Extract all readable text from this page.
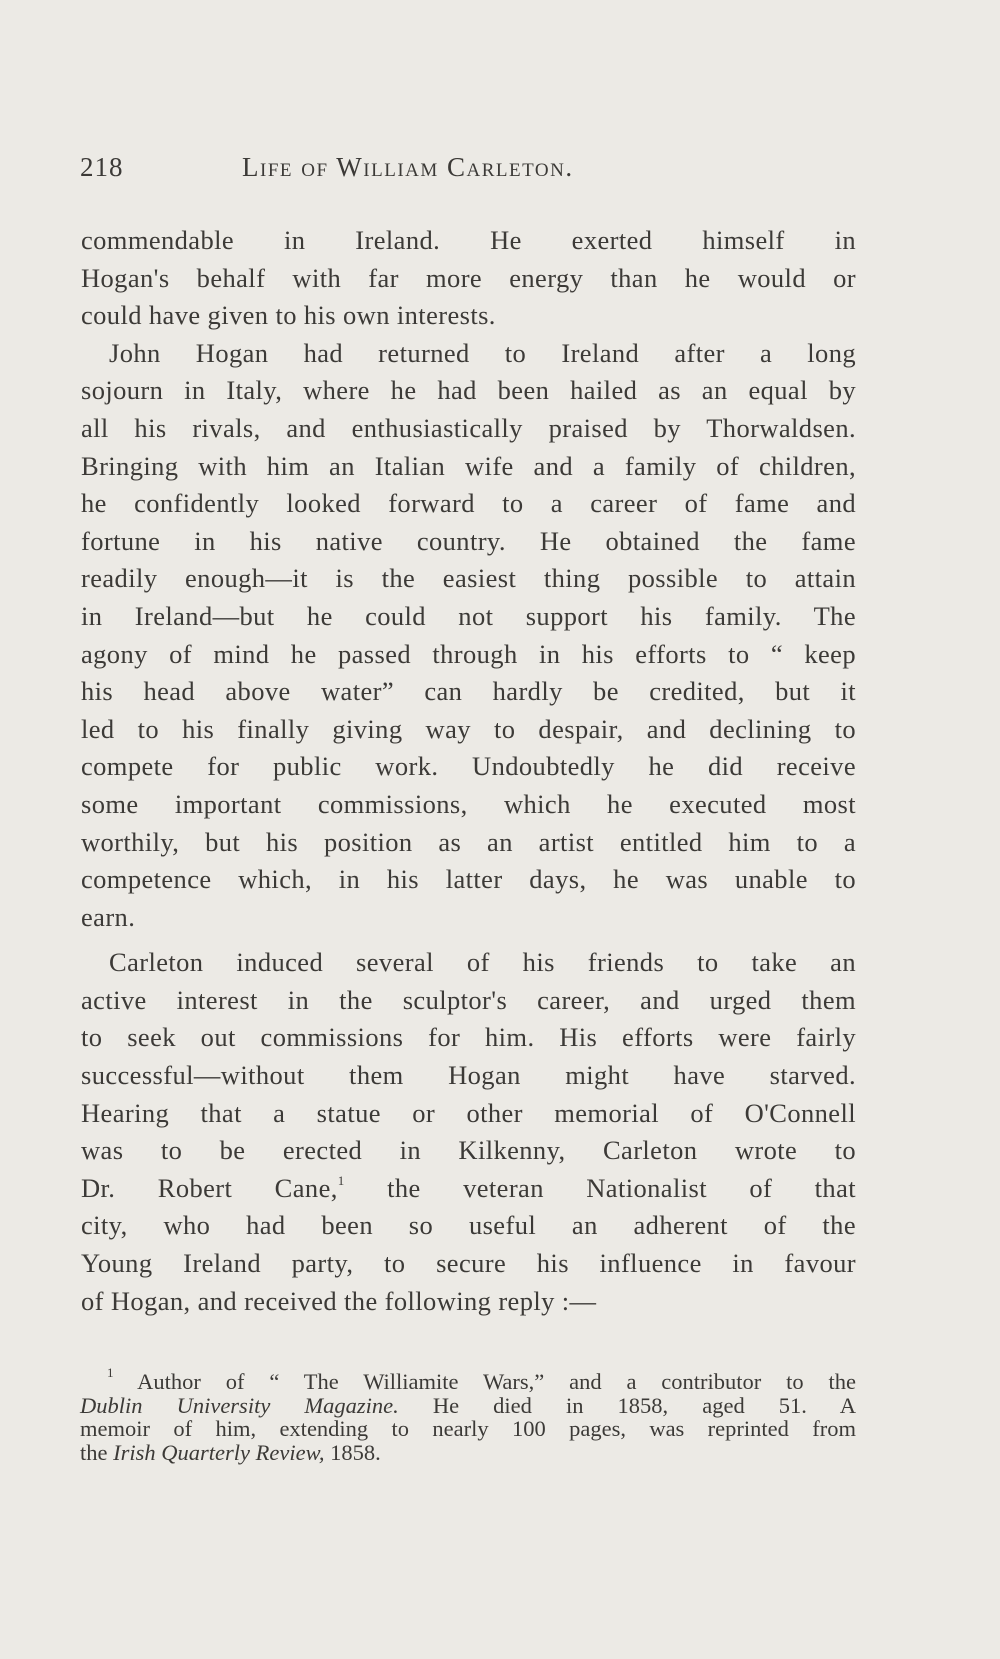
218	Life of William Carleton.

commendable in Ireland. He exerted himself in

Hogan's behalf with far more energy than he would or

could have given to his own interests.

John Hogan had returned to Ireland after a long

sojourn in Italy, where he had been hailed as an equal by

all his rivals, and enthusiastically praised by Thorwaldsen.

Bringing with him an Italian wife and a family of children,

he confidently looked forward to a career of fame and

fortune in his native country. He obtained the fame

readily enough—it is the easiest thing possible to attain

in Ireland—but he could not support his family. The

agony of mind he passed through in his efforts to “ keep

his head above water” can hardly be credited, but it

led to his finally giving way to despair, and declining to

compete for public work. Undoubtedly he did receive

some important commissions, which he executed most

worthily, but his position as an artist entitled him to a

competence which, in his latter days, he was unable to

earn.

Carleton induced several of his friends to take an

active interest in the sculptor's career, and urged them

to seek out commissions for him. His efforts were fairly

successful—without them Hogan might have starved.

Hearing that a statue or other memorial of O'Connell

was to be erected in Kilkenny, Carleton wrote to

Dr. Robert Cane,$^1$ the veteran Nationalist of that

city, who had been so useful an adherent of the

Young Ireland party, to secure his influence in favour

of Hogan, and received the following reply :—

$^1$ Author of “ The Williamite Wars,” and a contributor to the

Dublin University Magazine. He died in 1858, aged 51. A

memoir of him, extending to nearly 100 pages, was reprinted from

the Irish Quarterly Review, 1858.
